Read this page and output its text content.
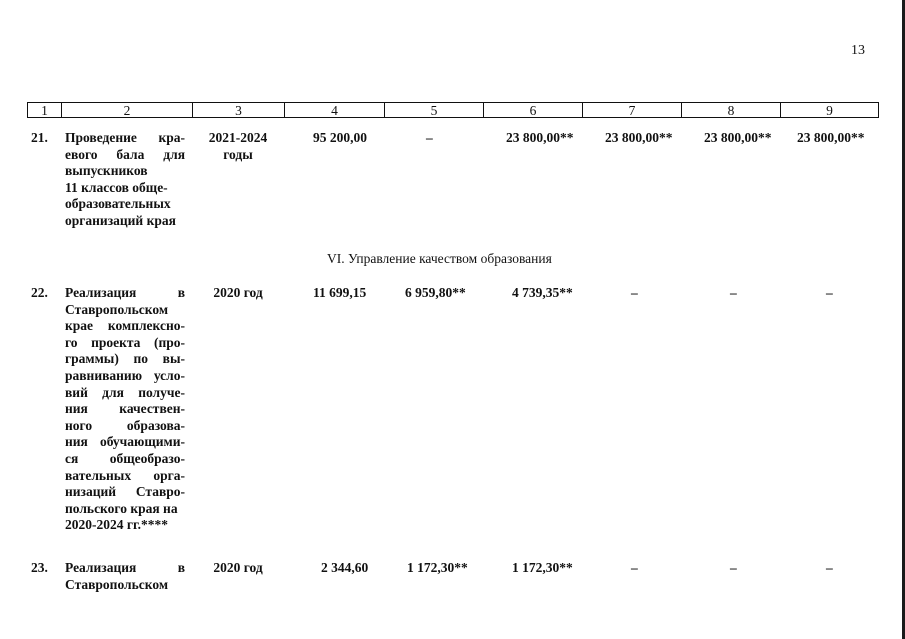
13
1	2	3	4	5	6	7	8	9
21. Проведение кра-
евого бала для
выпускников
11 классов обще-
образовательных
организаций края
2021-2024
годы
95 200,00	–	23 800,00** 23 800,00** 23 800,00** 23 800,00**
VI. Управление качеством образования
22. Реализация в
Ставропольском
крае комплексно-
го проекта (про-
граммы) по вы-
равниванию усло-
вий для получе-
ния качествен-
ного образова-
ния обучающими-
ся общеобразо-
вательных орга-
низаций Ставро-
польского края на
2020-2024 гг.****
2020 год	11 699,15	6 959,80**	4 739,35**	–	–	–
23. Реализация в
Ставропольском
2020 год	2 344,60	1 172,30**	1 172,30**	–	–	–
